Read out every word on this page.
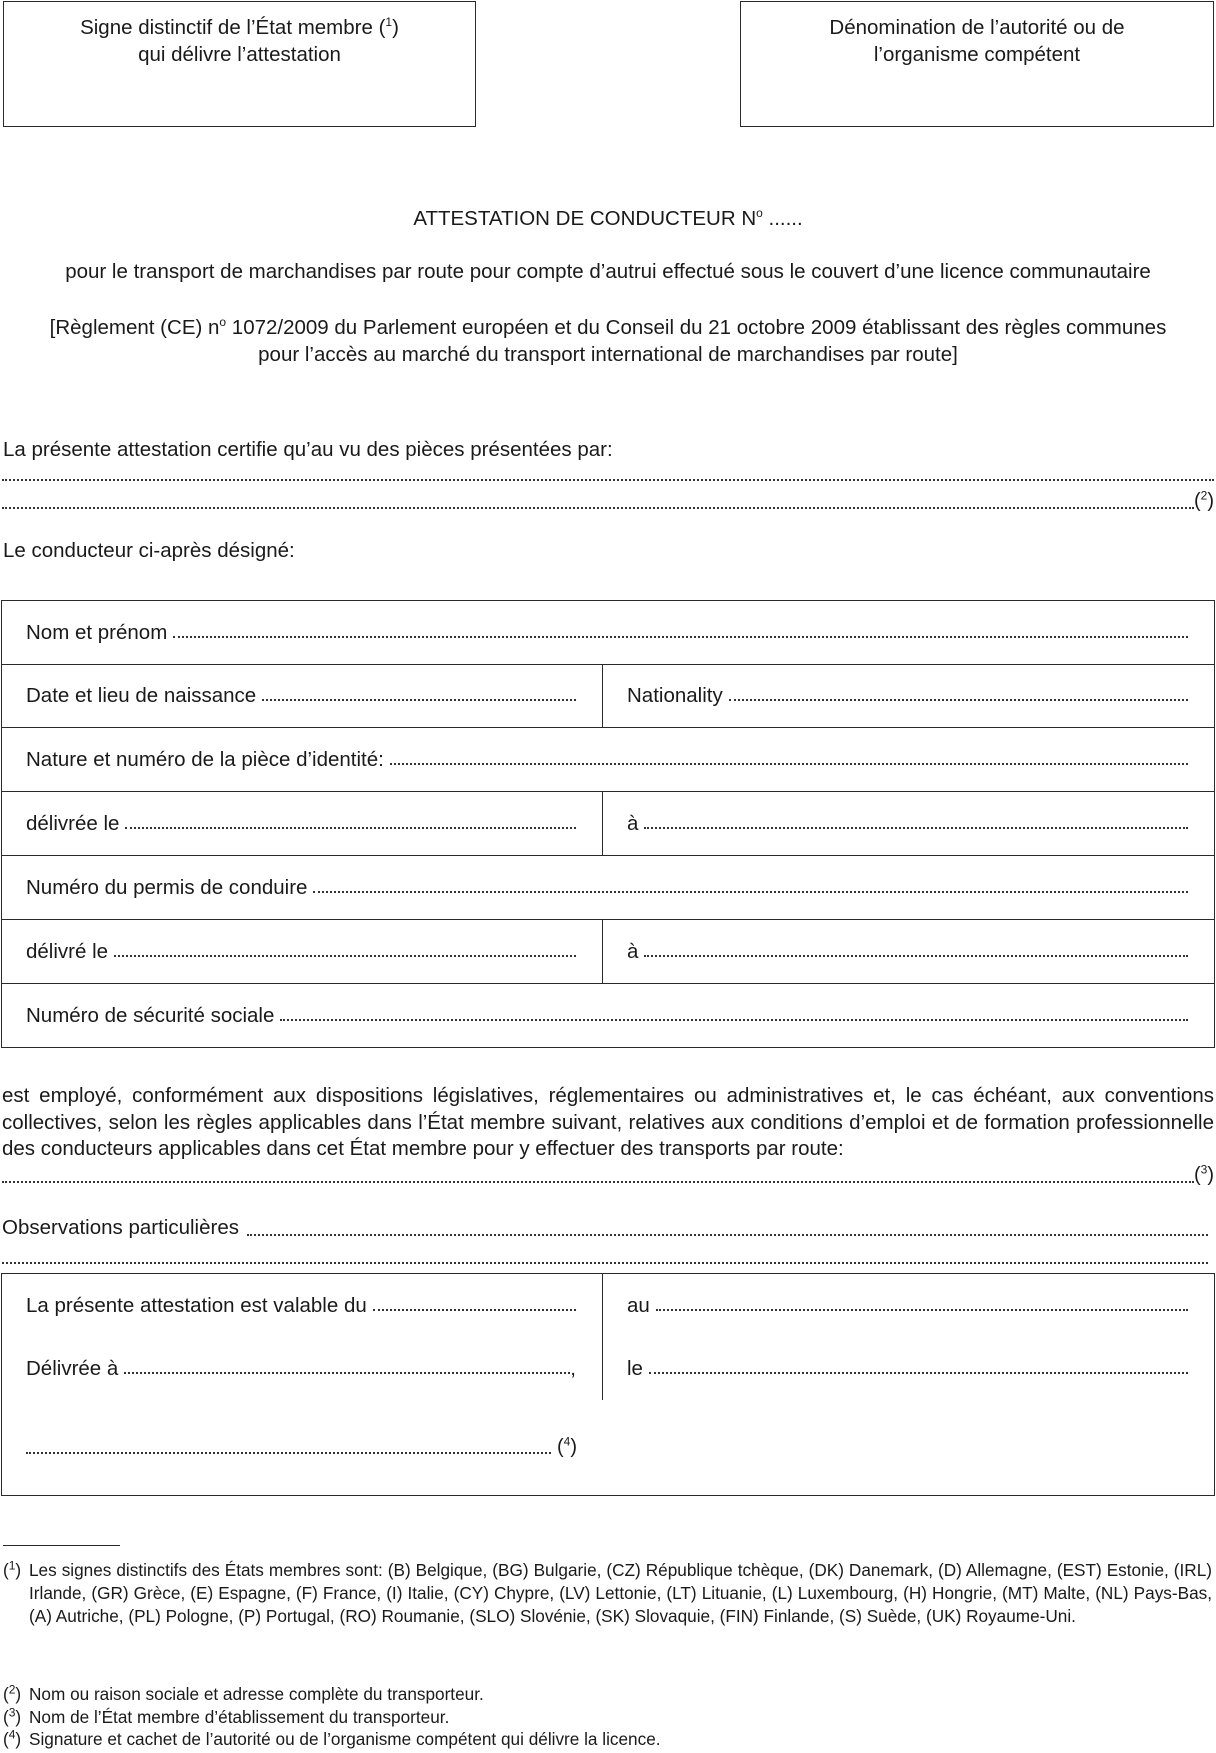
Signe distinctif de l’État membre ($^1$)
qui délivre l’attestation
Dénomination de l’autorité ou de
l’organisme compétent
ATTESTATION DE CONDUCTEUR $N^o$ ......
pour le transport de marchandises par route pour compte d’autrui effectué sous le couvert d’une licence communautaire
[Règlement (CE) $n^o$ 1072/2009 du Parlement européen et du Conseil du 21 octobre 2009 établissant des règles communes
pour l’accès au marché du transport international de marchandises par route]
La présente attestation certifie qu’au vu des pièces présentées par:
($^2$)
Le conducteur ci-après désigné:
Nom et prénom
Date et lieu de naissance	Nationality
Nature et numéro de la pièce d’identité:
délivrée le	à
Numéro du permis de conduire
délivré le	à
Numéro de sécurité sociale
est employé, conformément aux dispositions législatives, réglementaires ou administratives et, le cas échéant, aux conventions collectives, selon les règles applicables dans l’État membre suivant, relatives aux conditions d’emploi et de formation professionnelle des conducteurs applicables dans cet État membre pour y effectuer des transports par route:
($^3$)
Observations particulières
La présente attestation est valable du	au
Délivrée à	, le
($^4$)
($^1$) Les signes distinctifs des États membres sont: (B) Belgique, (BG) Bulgarie, (CZ) République tchèque, (DK) Danemark, (D) Allemagne, (EST) Estonie, (IRL) Irlande, (GR) Grèce, (E) Espagne, (F) France, (I) Italie, (CY) Chypre, (LV) Lettonie, (LT) Lituanie, (L) Luxembourg, (H) Hongrie, (MT) Malte, (NL) Pays-Bas, (A) Autriche, (PL) Pologne, (P) Portugal, (RO) Roumanie, (SLO) Slovénie, (SK) Slovaquie, (FIN) Finlande, (S) Suède, (UK) Royaume-Uni.
($^2$) Nom ou raison sociale et adresse complète du transporteur.
($^3$) Nom de l’État membre d’établissement du transporteur.
($^4$) Signature et cachet de l’autorité ou de l’organisme compétent qui délivre la licence.
